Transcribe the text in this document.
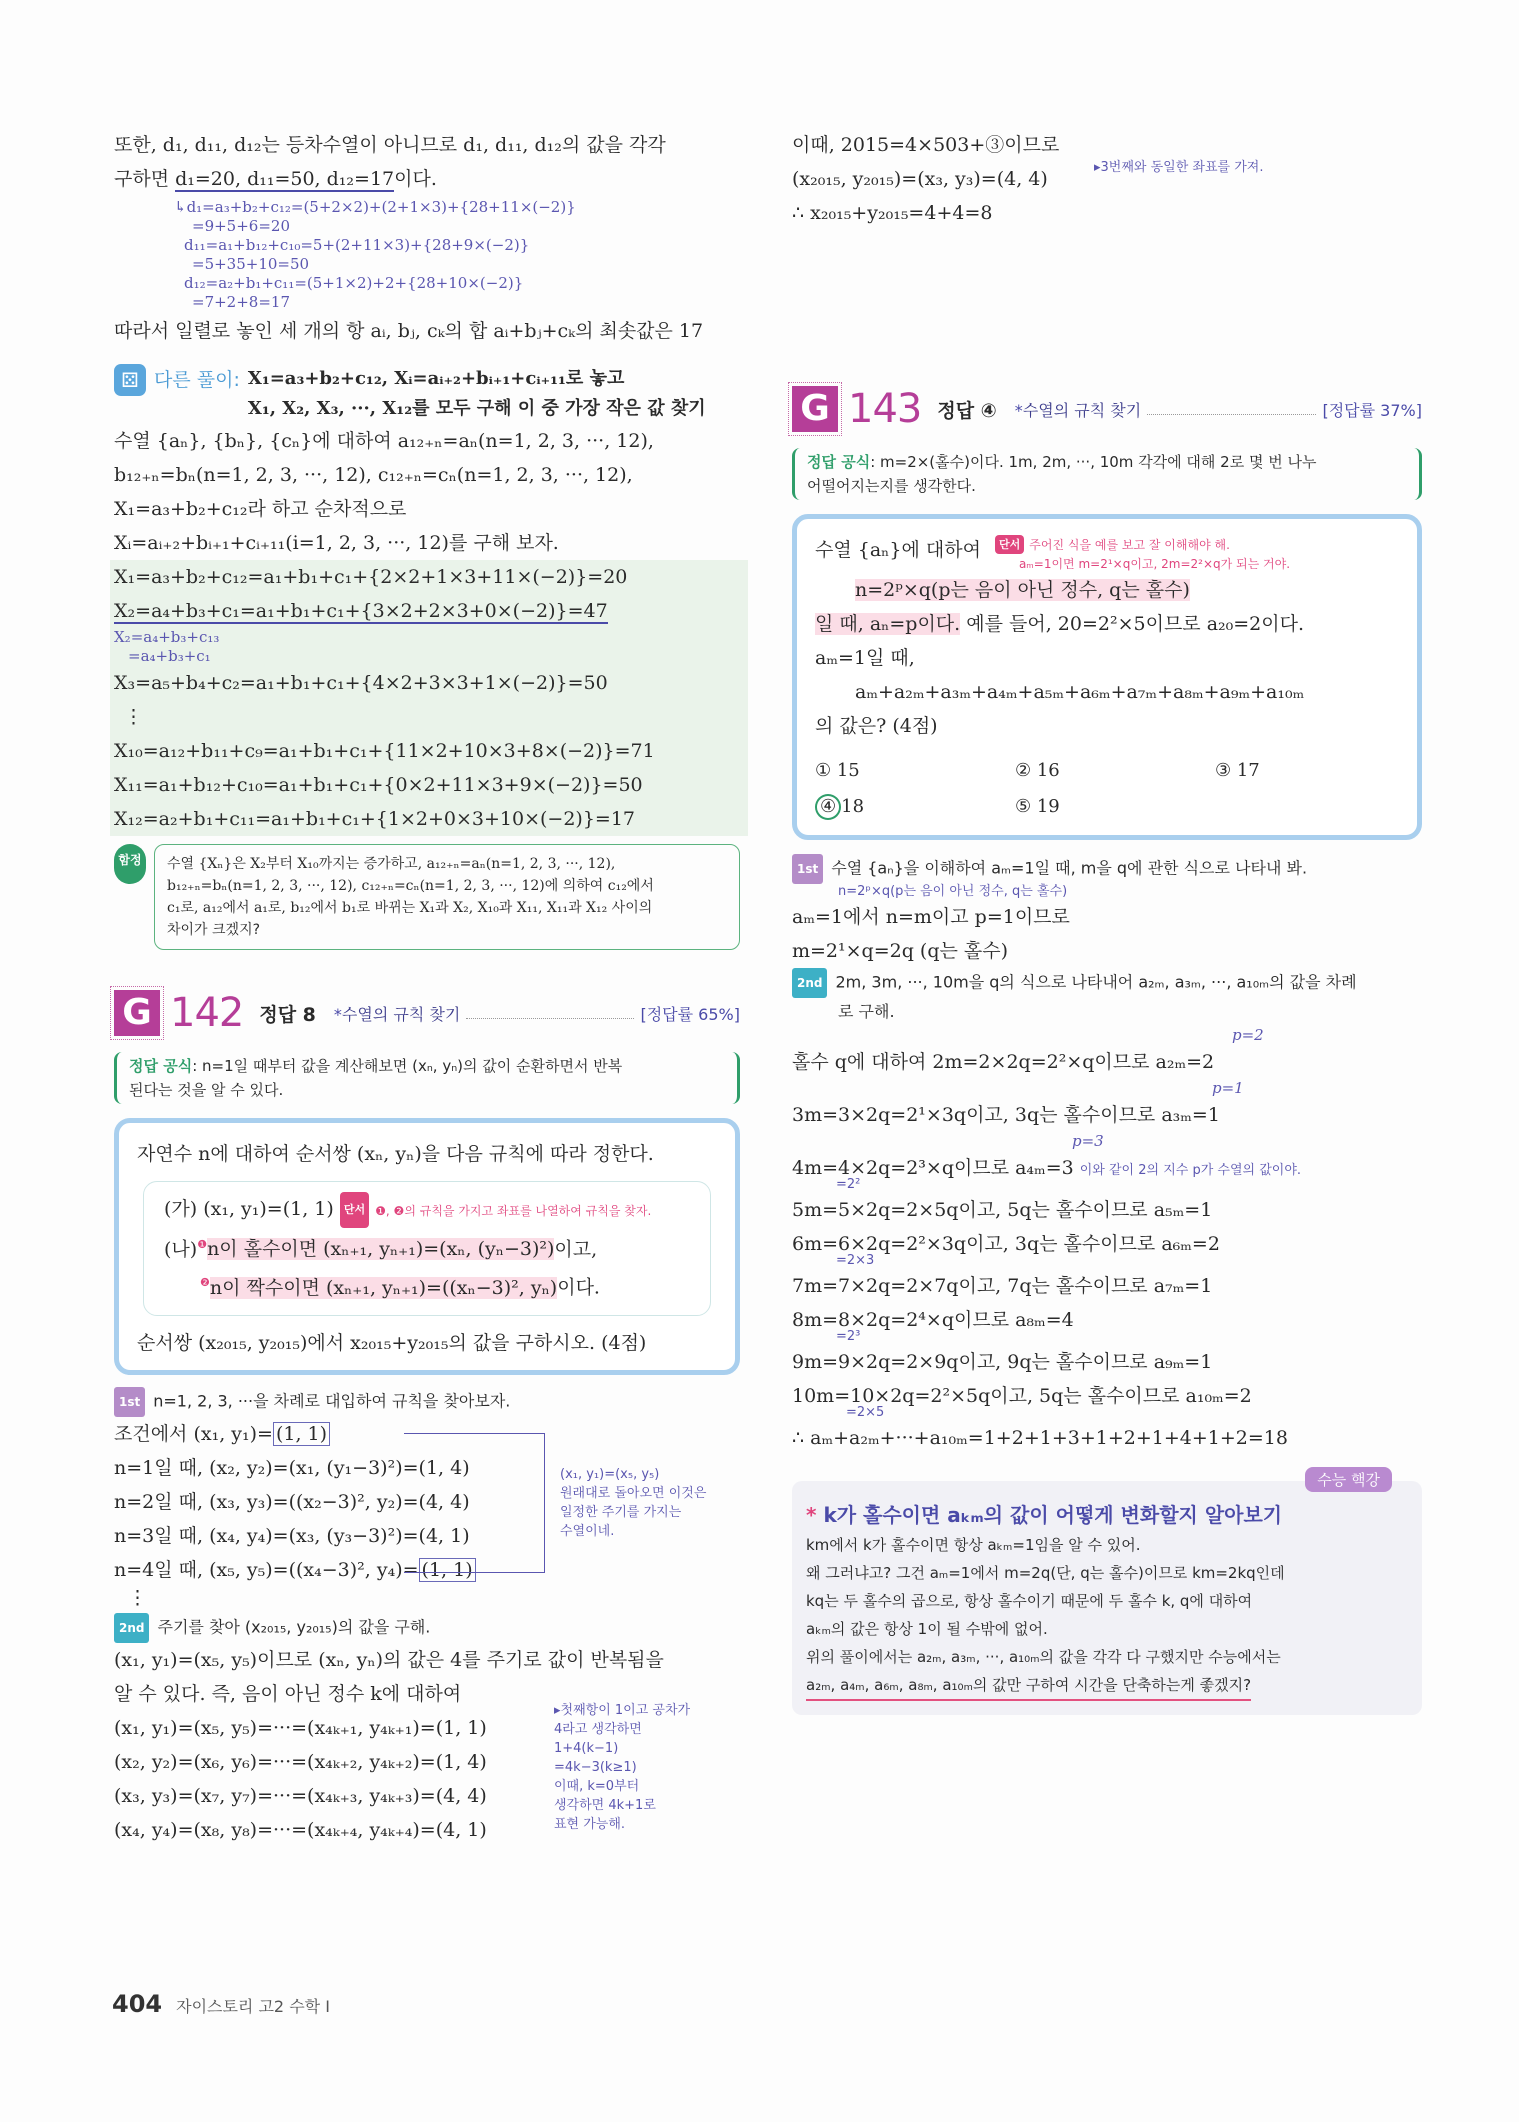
또한, d₁, d₁₁, d₁₂는 등차수열이 아니므로 d₁, d₁₁, d₁₂의 값을 각각
구하면 d₁=20, d₁₁=50, d₁₂=17이다.
↳d₁=a₃+b₂+c₁₂=(5+2×2)+(2+1×3)+{28+11×(−2)}
=9+5+6=20
d₁₁=a₁+b₁₂+c₁₀=5+(2+11×3)+{28+9×(−2)}
=5+35+10=50
d₁₂=a₂+b₁+c₁₁=(5+1×2)+2+{28+10×(−2)}
=7+2+8=17
따라서 일렬로 놓인 세 개의 항 aᵢ, bⱼ, cₖ의 합 aᵢ+bⱼ+cₖ의 최솟값은 17
⚄ 다른 풀이: X₁=a₃+b₂+c₁₂, Xᵢ=aᵢ₊₂+bᵢ₊₁+cᵢ₊₁₁로 놓고
X₁, X₂, X₃, ···, X₁₂를 모두 구해 이 중 가장 작은 값 찾기
수열 {aₙ}, {bₙ}, {cₙ}에 대하여 a₁₂₊ₙ=aₙ(n=1, 2, 3, ···, 12),
b₁₂₊ₙ=bₙ(n=1, 2, 3, ···, 12), c₁₂₊ₙ=cₙ(n=1, 2, 3, ···, 12),
X₁=a₃+b₂+c₁₂라 하고 순차적으로
Xᵢ=aᵢ₊₂+bᵢ₊₁+cᵢ₊₁₁(i=1, 2, 3, ···, 12)를 구해 보자.
X₁=a₃+b₂+c₁₂=a₁+b₁+c₁+{2×2+1×3+11×(−2)}=20
X₂=a₄+b₃+c₁=a₁+b₁+c₁+{3×2+2×3+0×(−2)}=47
X₂=a₄+b₃+c₁₃
=a₄+b₃+c₁
X₃=a₅+b₄+c₂=a₁+b₁+c₁+{4×2+3×3+1×(−2)}=50
⋮
X₁₀=a₁₂+b₁₁+c₉=a₁+b₁+c₁+{11×2+10×3+8×(−2)}=71
X₁₁=a₁+b₁₂+c₁₀=a₁+b₁+c₁+{0×2+11×3+9×(−2)}=50
X₁₂=a₂+b₁+c₁₁=a₁+b₁+c₁+{1×2+0×3+10×(−2)}=17
함정	수열 {Xₙ}은 X₂부터 X₁₀까지는 증가하고, a₁₂₊ₙ=aₙ(n=1, 2, 3, ···, 12),
b₁₂₊ₙ=bₙ(n=1, 2, 3, ···, 12), c₁₂₊ₙ=cₙ(n=1, 2, 3, ···, 12)에 의하여 c₁₂에서
c₁로, a₁₂에서 a₁로, b₁₂에서 b₁로 바뀌는 X₁과 X₂, X₁₀과 X₁₁, X₁₁과 X₁₂ 사이의
차이가 크겠지?
G 142 정답 8 *수열의 규칙 찾기	[정답률 65%]
정답 공식: n=1일 때부터 값을 계산해보면 (xₙ, yₙ)의 값이 순환하면서 반복
된다는 것을 알 수 있다.
자연수 n에 대하여 순서쌍 (xₙ, yₙ)을 다음 규칙에 따라 정한다.
(가) (x₁, y₁)=(1, 1) 단서 ❶, ❷의 규칙을 가지고 좌표를 나열하여 규칙을 찾자.
(나)$^❶$n이 홀수이면 (xₙ₊₁, yₙ₊₁)=(xₙ, (yₙ−3)²)이고,
$^❷$n이 짝수이면 (xₙ₊₁, yₙ₊₁)=((xₙ−3)², yₙ)이다.
순서쌍 (x₂₀₁₅, y₂₀₁₅)에서 x₂₀₁₅+y₂₀₁₅의 값을 구하시오. (4점)
1st n=1, 2, 3, ···을 차례로 대입하여 규칙을 찾아보자.
조건에서 (x₁, y₁)= (1, 1)
n=1일 때, (x₂, y₂)=(x₁, (y₁−3)²)=(1, 4)
n=2일 때, (x₃, y₃)=((x₂−3)², y₂)=(4, 4)
n=3일 때, (x₄, y₄)=(x₃, (y₃−3)²)=(4, 1)
n=4일 때, (x₅, y₅)=((x₄−3)², y₄)= (1, 1)
⋮
(x₁, y₁)=(x₅, y₅)
원래대로 돌아오면 이것은
일정한 주기를 가지는
수열이네.
2nd 주기를 찾아 (x₂₀₁₅, y₂₀₁₅)의 값을 구해.
(x₁, y₁)=(x₅, y₅)이므로 (xₙ, yₙ)의 값은 4를 주기로 값이 반복됨을
알 수 있다. 즉, 음이 아닌 정수 k에 대하여
(x₁, y₁)=(x₅, y₅)=···=(x₄ₖ₊₁, y₄ₖ₊₁)=(1, 1)
(x₂, y₂)=(x₆, y₆)=···=(x₄ₖ₊₂, y₄ₖ₊₂)=(1, 4)
(x₃, y₃)=(x₇, y₇)=···=(x₄ₖ₊₃, y₄ₖ₊₃)=(4, 4)
(x₄, y₄)=(x₈, y₈)=···=(x₄ₖ₊₄, y₄ₖ₊₄)=(4, 1)
▸첫째항이 1이고 공차가
4라고 생각하면
1+4(k−1)
=4k−3(k≥1)
이때, k=0부터
생각하면 4k+1로
표현 가능해.
이때, 2015=4×503+③이므로
▸3번째와 동일한 좌표를 가져.
(x₂₀₁₅, y₂₀₁₅)=(x₃, y₃)=(4, 4)
∴ x₂₀₁₅+y₂₀₁₅=4+4=8
G 143 정답 ④ *수열의 규칙 찾기	[정답률 37%]
정답 공식: m=2×(홀수)이다. 1m, 2m, ···, 10m 각각에 대해 2로 몇 번 나누
어떨어지는지를 생각한다.
수열 {aₙ}에 대하여	단서 주어진 식을 예를 보고 잘 이해해야 해.
aₘ=1이면 m=2¹×q이고, 2m=2²×q가 되는 거야.
n=2ᵖ×q(p는 음이 아닌 정수, q는 홀수)
일 때, aₙ=p이다. 예를 들어, 20=2²×5이므로 a₂₀=2이다.
aₘ=1일 때,
aₘ+a₂ₘ+a₃ₘ+a₄ₘ+a₅ₘ+a₆ₘ+a₇ₘ+a₈ₘ+a₉ₘ+a₁₀ₘ
의 값은? (4점)
① 15	② 16	③ 17
④ 18	⑤ 19
1st 수열 {aₙ}을 이해하여 aₘ=1일 때, m을 q에 관한 식으로 나타내 봐.
n=2ᵖ×q(p는 음이 아닌 정수, q는 홀수)
aₘ=1에서 n=m이고 p=1이므로
m=2¹×q=2q (q는 홀수)
2nd 2m, 3m, ···, 10m을 q의 식으로 나타내어 a₂ₘ, a₃ₘ, ···, a₁₀ₘ의 값을 차례
로 구해.
p=2
홀수 q에 대하여 2m=2×2q=2²×q이므로 a₂ₘ=2
p=1
3m=3×2q=2¹×3q이고, 3q는 홀수이므로 a₃ₘ=1
p=3
4m=4×2q=2³×q이므로 a₄ₘ=3 이와 같이 2의 지수 p가 수열의 값이야.
=2²
5m=5×2q=2×5q이고, 5q는 홀수이므로 a₅ₘ=1
6m=6×2q=2²×3q이고, 3q는 홀수이므로 a₆ₘ=2
=2×3
7m=7×2q=2×7q이고, 7q는 홀수이므로 a₇ₘ=1
8m=8×2q=2⁴×q이므로 a₈ₘ=4
=2³
9m=9×2q=2×9q이고, 9q는 홀수이므로 a₉ₘ=1
10m=10×2q=2²×5q이고, 5q는 홀수이므로 a₁₀ₘ=2
=2×5
∴ aₘ+a₂ₘ+···+a₁₀ₘ=1+2+1+3+1+2+1+4+1+2=18
수능 핵강
* k가 홀수이면 aₖₘ의 값이 어떻게 변화할지 알아보기
km에서 k가 홀수이면 항상 aₖₘ=1임을 알 수 있어.
왜 그러냐고? 그건 aₘ=1에서 m=2q(단, q는 홀수)이므로 km=2kq인데
kq는 두 홀수의 곱으로, 항상 홀수이기 때문에 두 홀수 k, q에 대하여
aₖₘ의 값은 항상 1이 될 수밖에 없어.
위의 풀이에서는 a₂ₘ, a₃ₘ, ···, a₁₀ₘ의 값을 각각 다 구했지만 수능에서는
a₂ₘ, a₄ₘ, a₆ₘ, a₈ₘ, a₁₀ₘ의 값만 구하여 시간을 단축하는게 좋겠지?
404 자이스토리 고2 수학 I
